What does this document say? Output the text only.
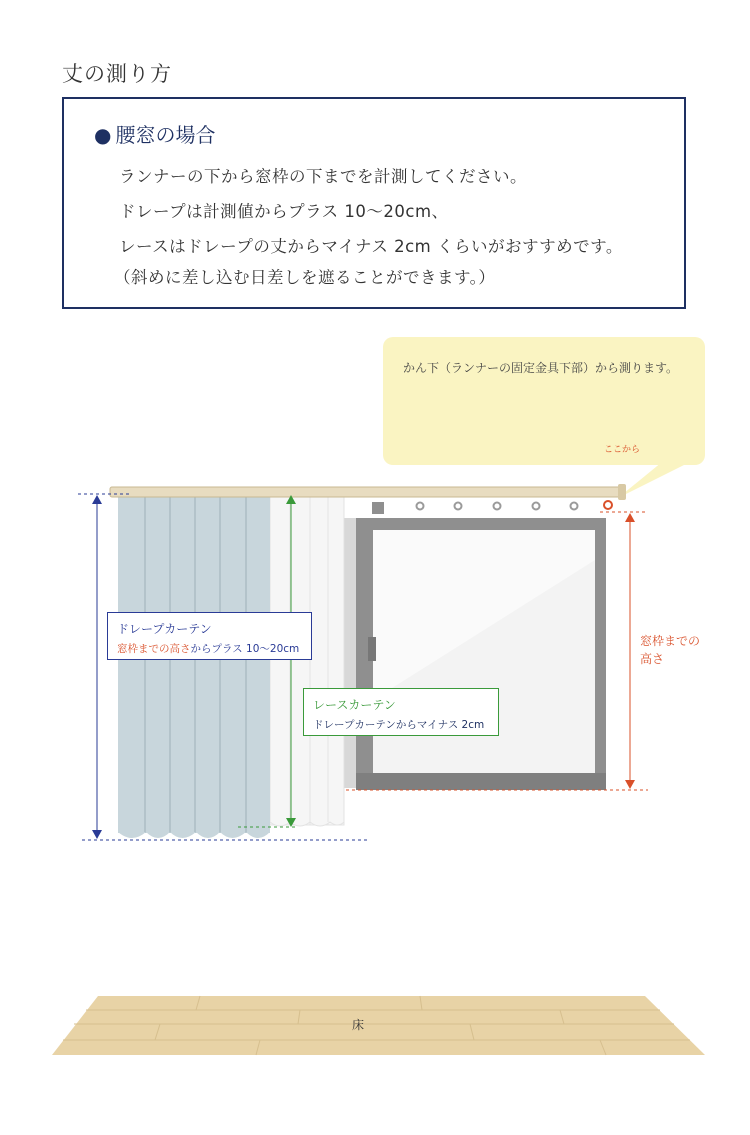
丈の測り方
● 腰窓の場合
ランナーの下から窓枠の下までを計測してください。
ドレープは計測値からプラス 10〜20cm、
レースはドレープの丈からマイナス 2cm くらいがおすすめです。
（斜めに差し込む日差しを遮ることができます。）
かん下（ランナーの固定金具下部）から測ります。
ここから
ドレープカーテン
窓枠までの高さからプラス 10〜20cm
レースカーテン
ドレープカーテンからマイナス 2cm
窓枠までの
高さ
床
